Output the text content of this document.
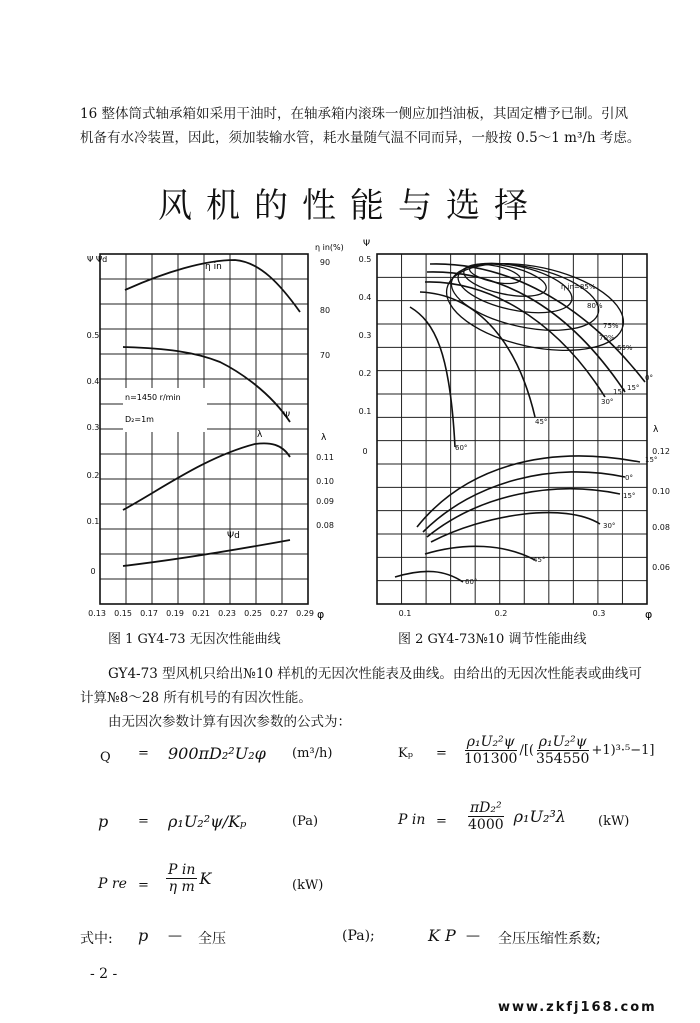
16 整体筒式轴承箱如采用干油时，在轴承箱内滚珠一侧应加挡油板，其固定槽予已制。引风
机备有水冷装置，因此，须加装输水管，耗水量随气温不同而异，一般按 0.5～1 m³/h 考虑。
风机的性能与选择
0.13 0.15 0.17 0.19 0.21 0.23 0.25 0.27 0.29
0.5
0.4
0.3
0.2
0.1
0
90
80
70
0.11
0.10
0.09
0.08
Ψ Ψd
η in(%)
λ
φ
η in
Ψ
λ
Ψd
n=1450 r/min
D₂=1m
图 1 GY4-73 无因次性能曲线
0.1	0.2	0.3
0.5
0.4
0.3
0.2
0.1
0	0.12
0.10
0.08
0.06
η in=85%
80%
75%
70%
65%
0°
15°
15°
30°
45°
60°
15°
0°
15°
30°
45°
60°
Ψ
λ
φ
图 2 GY4-73№10 调节性能曲线
GY4-73 型风机只给出№10 样机的无因次性能表及曲线。由给出的无因次性能表或曲线可
计算№8～28 所有机号的有因次性能。
由无因次参数计算有因次参数的公式为：
Q = 900πD₂²U₂φ (m³/h)	$K_p = \frac{\text{ρ₁U₂²ψ}}{101300}$ /[( $\frac{\text{ρ₁U₂²ψ}}{354550} +1)^3\cdot^5-1$]
p = ρ₁U₂²ψ/Kₚ	(Pa)	P in = $\frac{\text{πD₂²}}{4000} \rho_1U_2^3\lambda$ (kW)
P re = $\frac{\text{P in}}{\text{η m}}$ K	(kW)
式中: p — 全压	(Pa);	K P — 全压压缩性系数;
- 2 -
www.zkfj168.com
